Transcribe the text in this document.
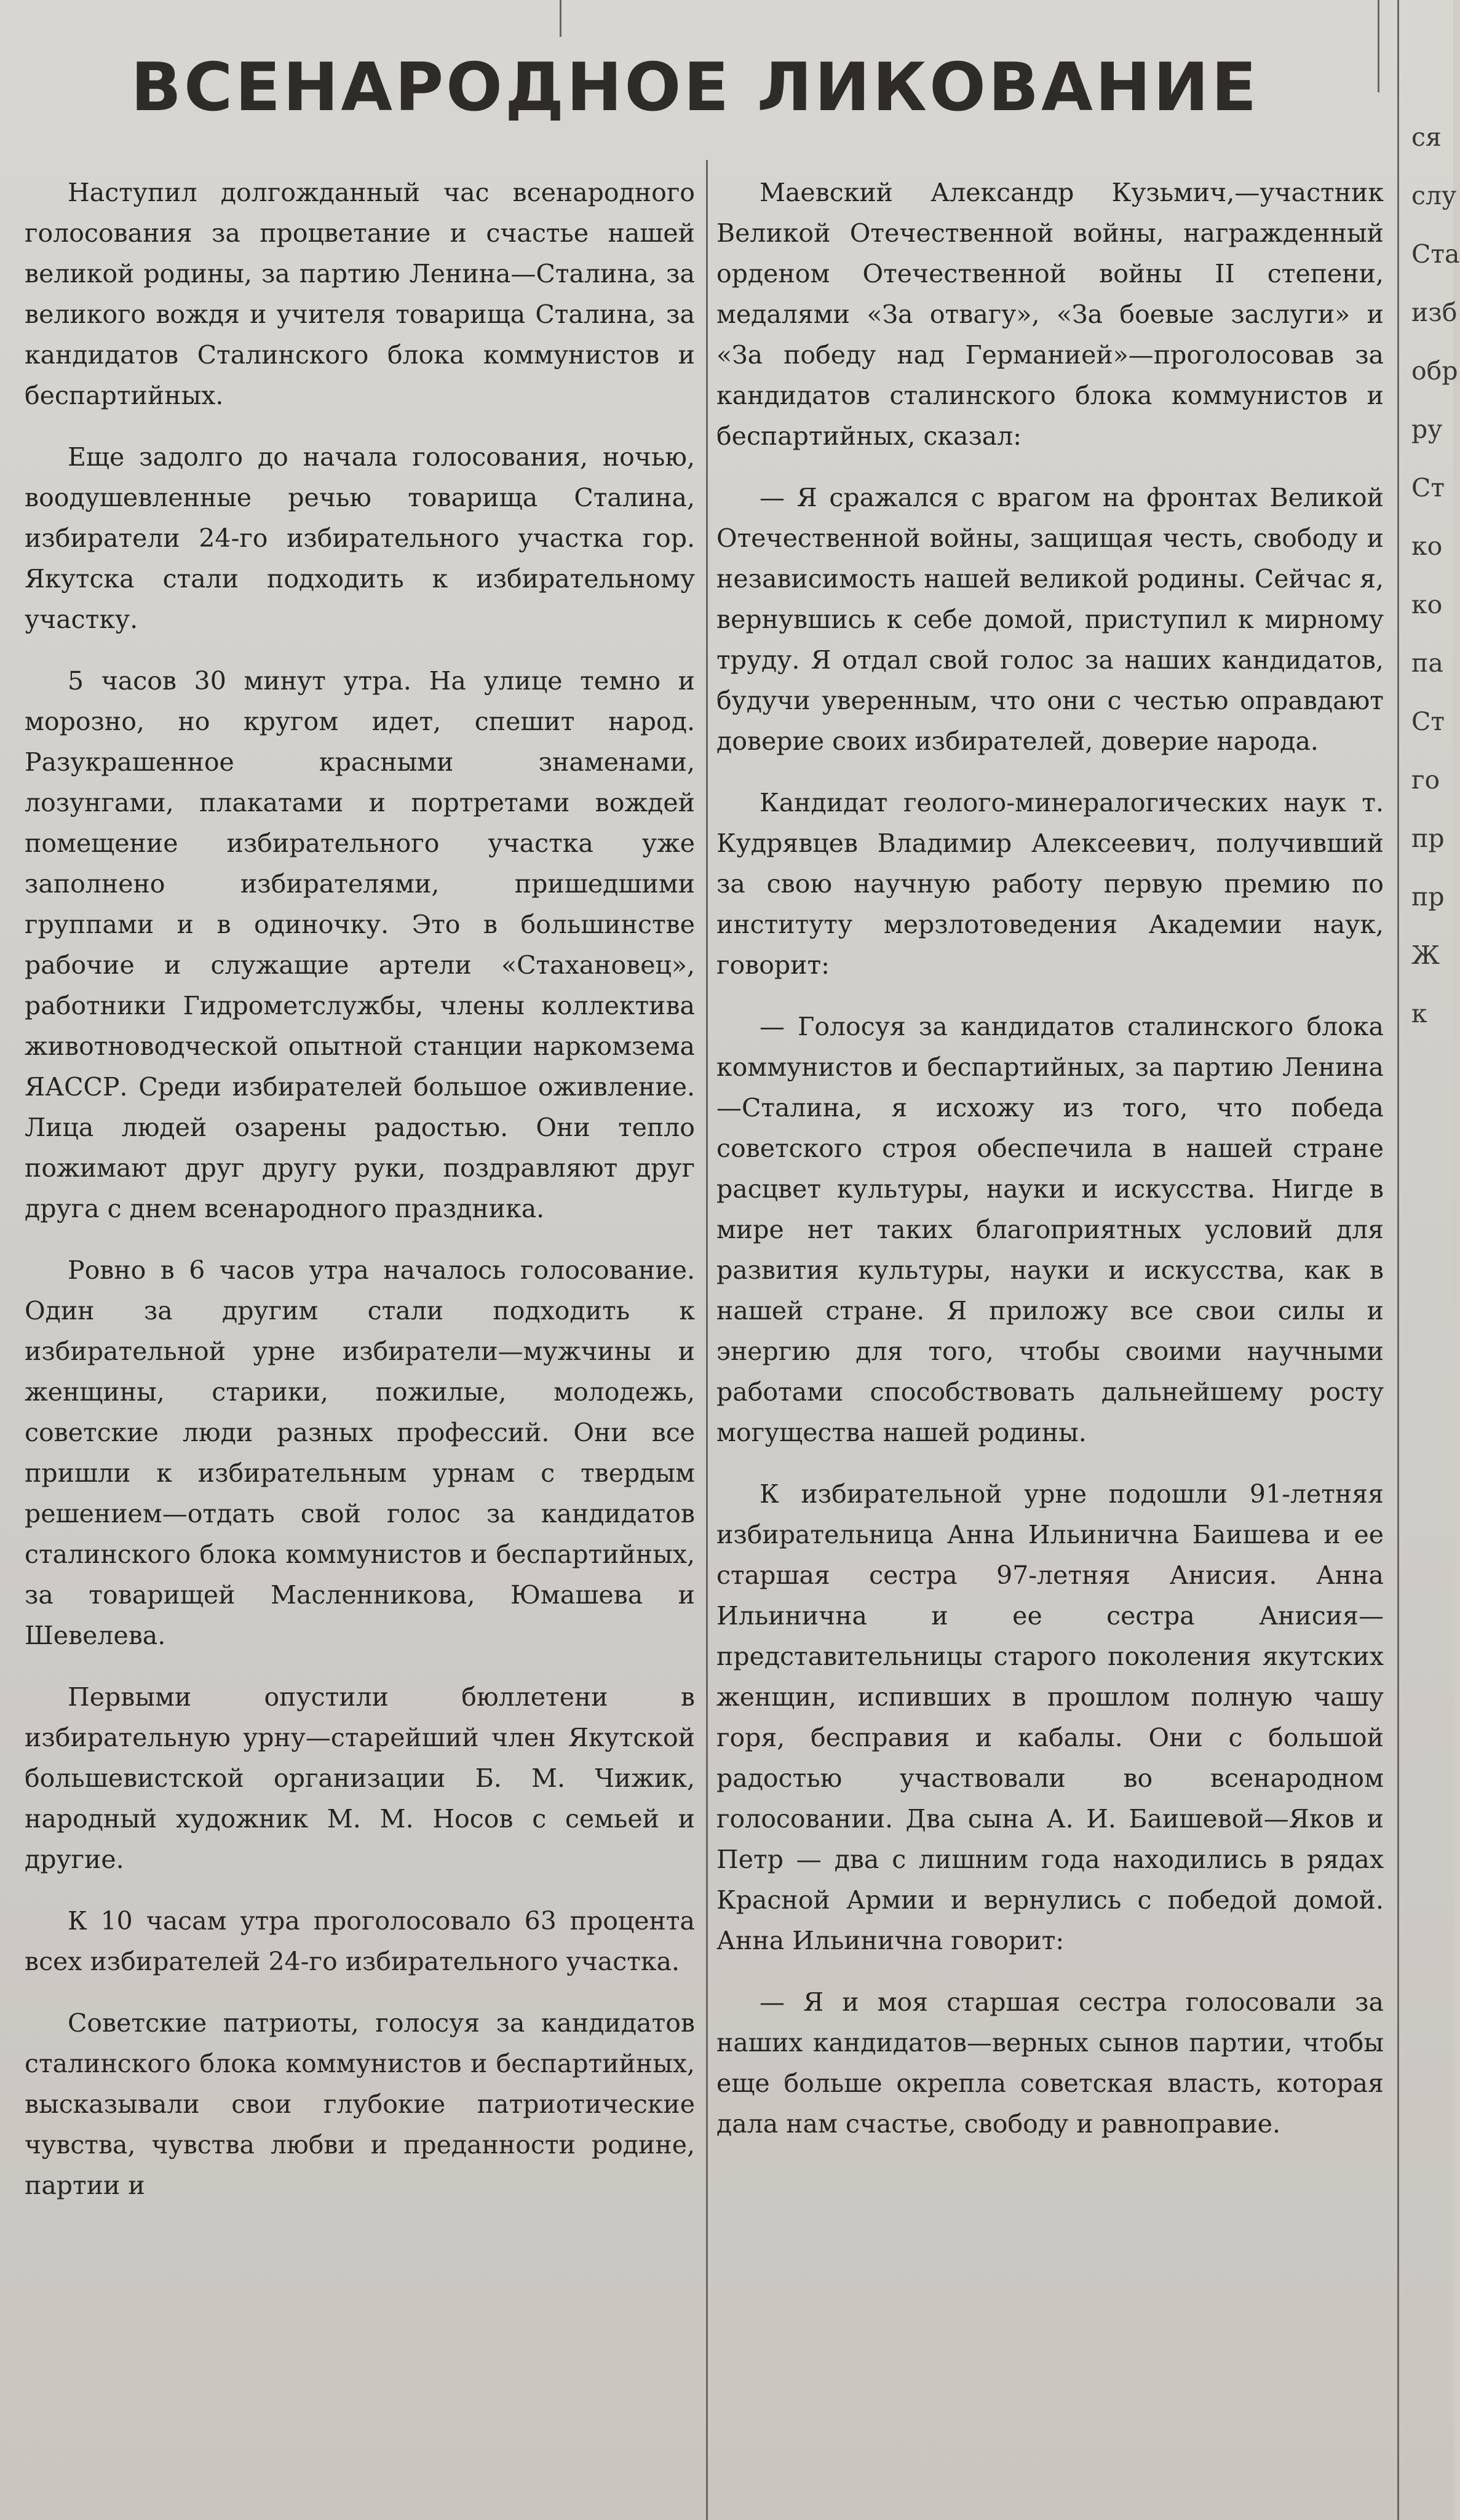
ВСЕНАРОДНОЕ ЛИКОВАНИЕ

Наступил долгожданный час всенародного голосования за процветание и счастье нашей великой родины, за партию Ленина—Сталина, за великого вождя и учителя товарища Сталина, за кандидатов Сталинского блока коммунистов и беспартийных.

Еще задолго до начала голосования, ночью, воодушевленные речью товарища Сталина, избиратели 24-го избирательного участка гор. Якутска стали подходить к избирательному участку.

5 часов 30 минут утра. На улице темно и морозно, но кругом идет, спешит народ. Разукрашенное красными знаменами, лозунгами, плакатами и портретами вождей помещение избирательного участка уже заполнено избирателями, пришедшими группами и в одиночку. Это в большинстве рабочие и служащие артели «Стахановец», работники Гидрометслужбы, члены коллектива животноводческой опытной станции наркомзема ЯАССР. Среди избирателей большое оживление. Лица людей озарены радостью. Они тепло пожимают друг другу руки, поздравляют друг друга с днем всенародного праздника.

Ровно в 6 часов утра началось голосование. Один за другим стали подходить к избирательной урне избиратели—мужчины и женщины, старики, пожилые, молодежь, советские люди разных профессий. Они все пришли к избирательным урнам с твердым решением—отдать свой голос за кандидатов сталинского блока коммунистов и беспартийных, за товарищей Масленникова, Юмашева и Шевелева.

Первыми опустили бюллетени в избирательную урну—старейший член Якутской большевистской организации Б. М. Чижик, народный художник М. М. Носов с семьей и другие.

К 10 часам утра проголосовало 63 процента всех избирателей 24-го избирательного участка.

Советские патриоты, голосуя за кандидатов сталинского блока коммунистов и беспартийных, высказывали свои глубокие патриотические чувства, чувства любви и преданности родине, партии и

Маевский Александр Кузьмич,—участник Великой Отечественной войны, награжденный орденом Отечественной войны II степени, медалями «За отвагу», «За боевые заслуги» и «За победу над Германией»—проголосовав за кандидатов сталинского блока коммунистов и беспартийных, сказал:

— Я сражался с врагом на фронтах Великой Отечественной войны, защищая честь, свободу и независимость нашей великой родины. Сейчас я, вернувшись к себе домой, приступил к мирному труду. Я отдал свой голос за наших кандидатов, будучи уверенным, что они с честью оправдают доверие своих избирателей, доверие народа.

Кандидат геолого-минералогических наук т. Кудрявцев Владимир Алексеевич, получивший за свою научную работу первую премию по институту мерзлотоведения Академии наук, говорит:

— Голосуя за кандидатов сталинского блока коммунистов и беспартийных, за партию Ленина—Сталина, я исхожу из того, что победа советского строя обеспечила в нашей стране расцвет культуры, науки и искусства. Нигде в мире нет таких благоприятных условий для развития культуры, науки и искусства, как в нашей стране. Я приложу все свои силы и энергию для того, чтобы своими научными работами способствовать дальнейшему росту могущества нашей родины.

К избирательной урне подошли 91-летняя избирательница Анна Ильинична Баишева и ее старшая сестра 97-летняя Анисия. Анна Ильинична и ее сестра Анисия—представительницы старого поколения якутских женщин, испивших в прошлом полную чашу горя, бесправия и кабалы. Они с большой радостью участвовали во всенародном голосовании. Два сына А. И. Баишевой—Яков и Петр — два с лишним года находились в рядах Красной Армии и вернулись с победой домой. Анна Ильинична говорит:

— Я и моя старшая сестра голосовали за наших кандидатов—верных сынов партии, чтобы еще больше окрепла советская власть, которая дала нам счастье, свободу и равноправие.

ся
слу
Ста
изб
обр
ру
Ст
ко
ко
па
Ст
го
пр
пр
Ж
к
